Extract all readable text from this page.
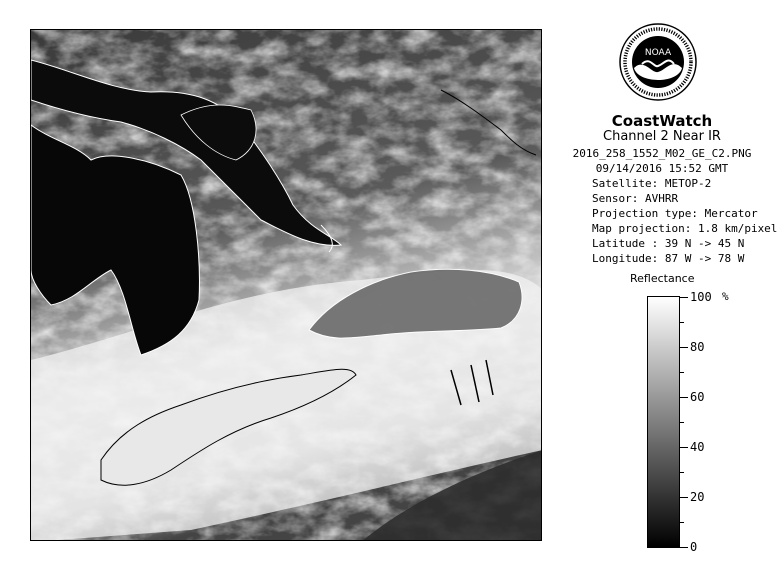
NOAA
CoastWatch
Channel 2 Near IR
2016_258_1552_M02_GE_C2.PNG
09/14/2016 15:52 GMT
Satellite: METOP-2
Sensor: AVHRR
Projection type: Mercator
Map projection: 1.8 km/pixel
Latitude : 39 N -> 45 N
Longitude: 87 W -> 78 W
Reflectance
%
100
80
60
40
20
0
